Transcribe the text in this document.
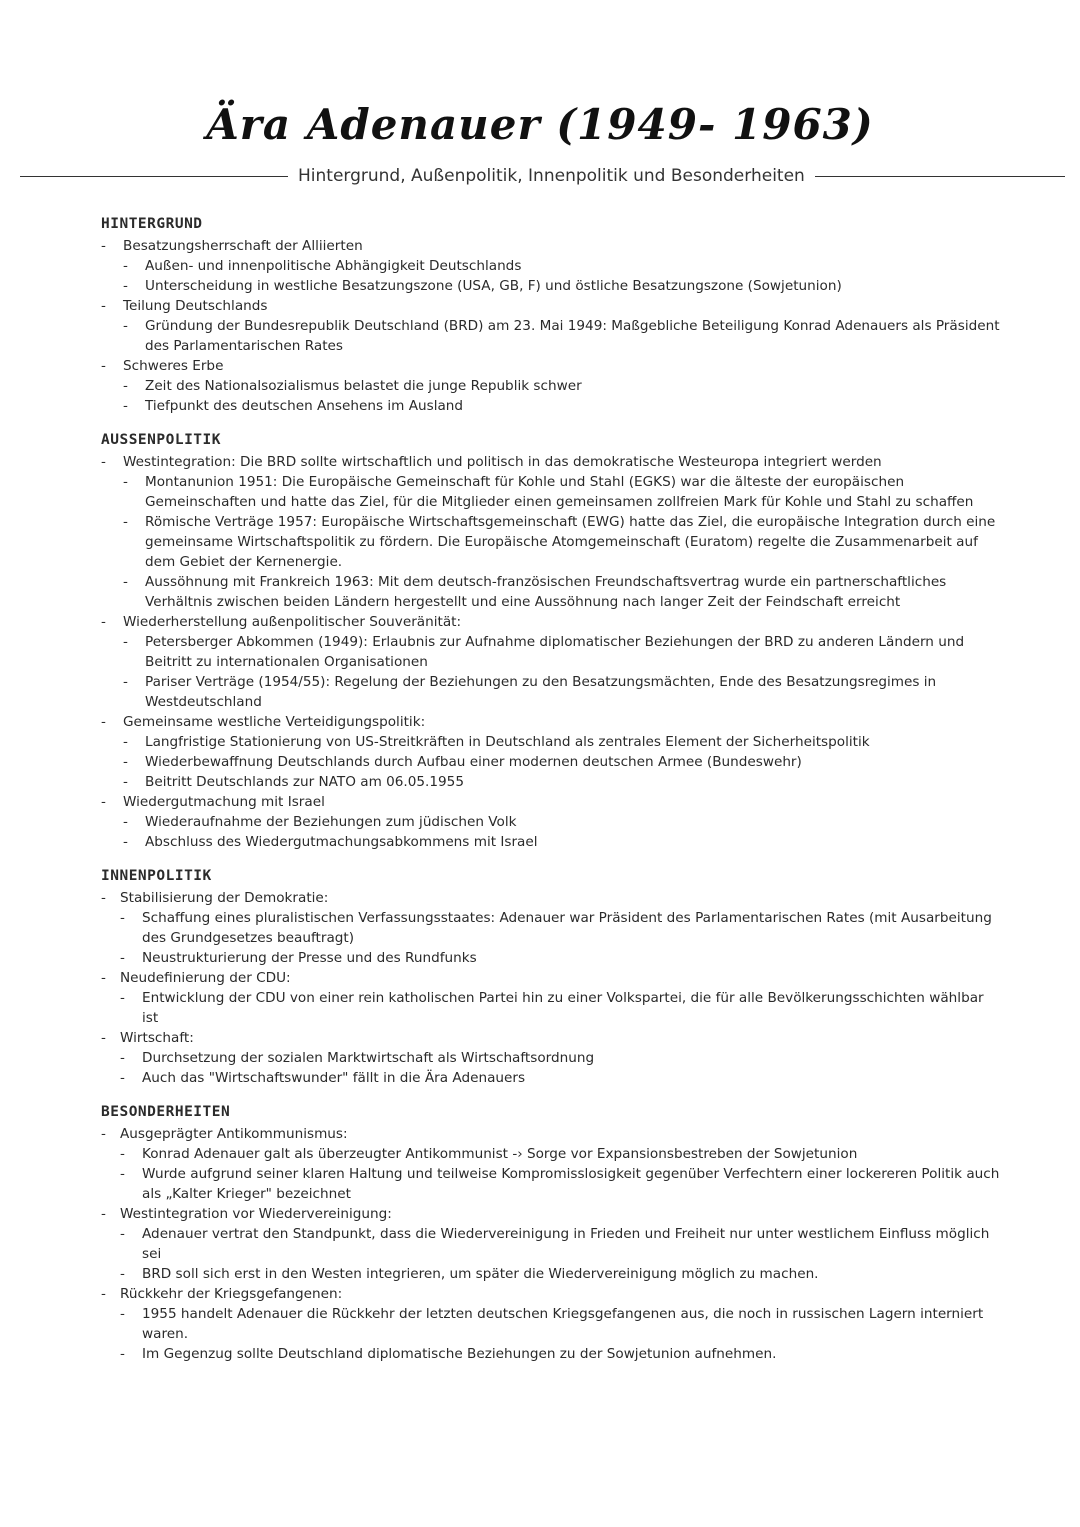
Ära Adenauer (1949- 1963)
Hintergrund, Außenpolitik, Innenpolitik und Besonderheiten
HINTERGRUND
- Besatzungsherrschaft der Alliierten
- Außen- und innenpolitische Abhängigkeit Deutschlands
- Unterscheidung in westliche Besatzungszone (USA, GB, F) und östliche Besatzungszone (Sowjetunion)
- Teilung Deutschlands
- Gründung der Bundesrepublik Deutschland (BRD) am 23. Mai 1949: Maßgebliche Beteiligung Konrad Adenauers als Präsident des Parlamentarischen Rates
- Schweres Erbe
- Zeit des Nationalsozialismus belastet die junge Republik schwer
- Tiefpunkt des deutschen Ansehens im Ausland
AUSSENPOLITIK
- Westintegration: Die BRD sollte wirtschaftlich und politisch in das demokratische Westeuropa integriert werden
- Montanunion 1951: Die Europäische Gemeinschaft für Kohle und Stahl (EGKS) war die älteste der europäischen Gemeinschaften und hatte das Ziel, für die Mitglieder einen gemeinsamen zollfreien Mark für Kohle und Stahl zu schaffen
- Römische Verträge 1957: Europäische Wirtschaftsgemeinschaft (EWG) hatte das Ziel, die europäische Integration durch eine gemeinsame Wirtschaftspolitik zu fördern. Die Europäische Atomgemeinschaft (Euratom) regelte die Zusammenarbeit auf dem Gebiet der Kernenergie.
- Aussöhnung mit Frankreich 1963: Mit dem deutsch-französischen Freundschaftsvertrag wurde ein partnerschaftliches Verhältnis zwischen beiden Ländern hergestellt und eine Aussöhnung nach langer Zeit der Feindschaft erreicht
- Wiederherstellung außenpolitischer Souveränität:
- Petersberger Abkommen (1949): Erlaubnis zur Aufnahme diplomatischer Beziehungen der BRD zu anderen Ländern und Beitritt zu internationalen Organisationen
- Pariser Verträge (1954/55): Regelung der Beziehungen zu den Besatzungsmächten, Ende des Besatzungsregimes in Westdeutschland
- Gemeinsame westliche Verteidigungspolitik:
- Langfristige Stationierung von US-Streitkräften in Deutschland als zentrales Element der Sicherheitspolitik
- Wiederbewaffnung Deutschlands durch Aufbau einer modernen deutschen Armee (Bundeswehr)
- Beitritt Deutschlands zur NATO am 06.05.1955
- Wiedergutmachung mit Israel
- Wiederaufnahme der Beziehungen zum jüdischen Volk
- Abschluss des Wiedergutmachungsabkommens mit Israel
INNENPOLITIK
- Stabilisierung der Demokratie:
- Schaffung eines pluralistischen Verfassungsstaates: Adenauer war Präsident des Parlamentarischen Rates (mit Ausarbeitung des Grundgesetzes beauftragt)
- Neustrukturierung der Presse und des Rundfunks
- Neudefinierung der CDU:
- Entwicklung der CDU von einer rein katholischen Partei hin zu einer Volkspartei, die für alle Bevölkerungsschichten wählbar ist
- Wirtschaft:
- Durchsetzung der sozialen Marktwirtschaft als Wirtschaftsordnung
- Auch das "Wirtschaftswunder" fällt in die Ära Adenauers
BESONDERHEITEN
- Ausgeprägter Antikommunismus:
- Konrad Adenauer galt als überzeugter Antikommunist -› Sorge vor Expansionsbestreben der Sowjetunion
- Wurde aufgrund seiner klaren Haltung und teilweise Kompromisslosigkeit gegenüber Verfechtern einer lockereren Politik auch als „Kalter Krieger" bezeichnet
- Westintegration vor Wiedervereinigung:
- Adenauer vertrat den Standpunkt, dass die Wiedervereinigung in Frieden und Freiheit nur unter westlichem Einfluss möglich sei
- BRD soll sich erst in den Westen integrieren, um später die Wiedervereinigung möglich zu machen.
- Rückkehr der Kriegsgefangenen:
- 1955 handelt Adenauer die Rückkehr der letzten deutschen Kriegsgefangenen aus, die noch in russischen Lagern interniert waren.
- Im Gegenzug sollte Deutschland diplomatische Beziehungen zu der Sowjetunion aufnehmen.
